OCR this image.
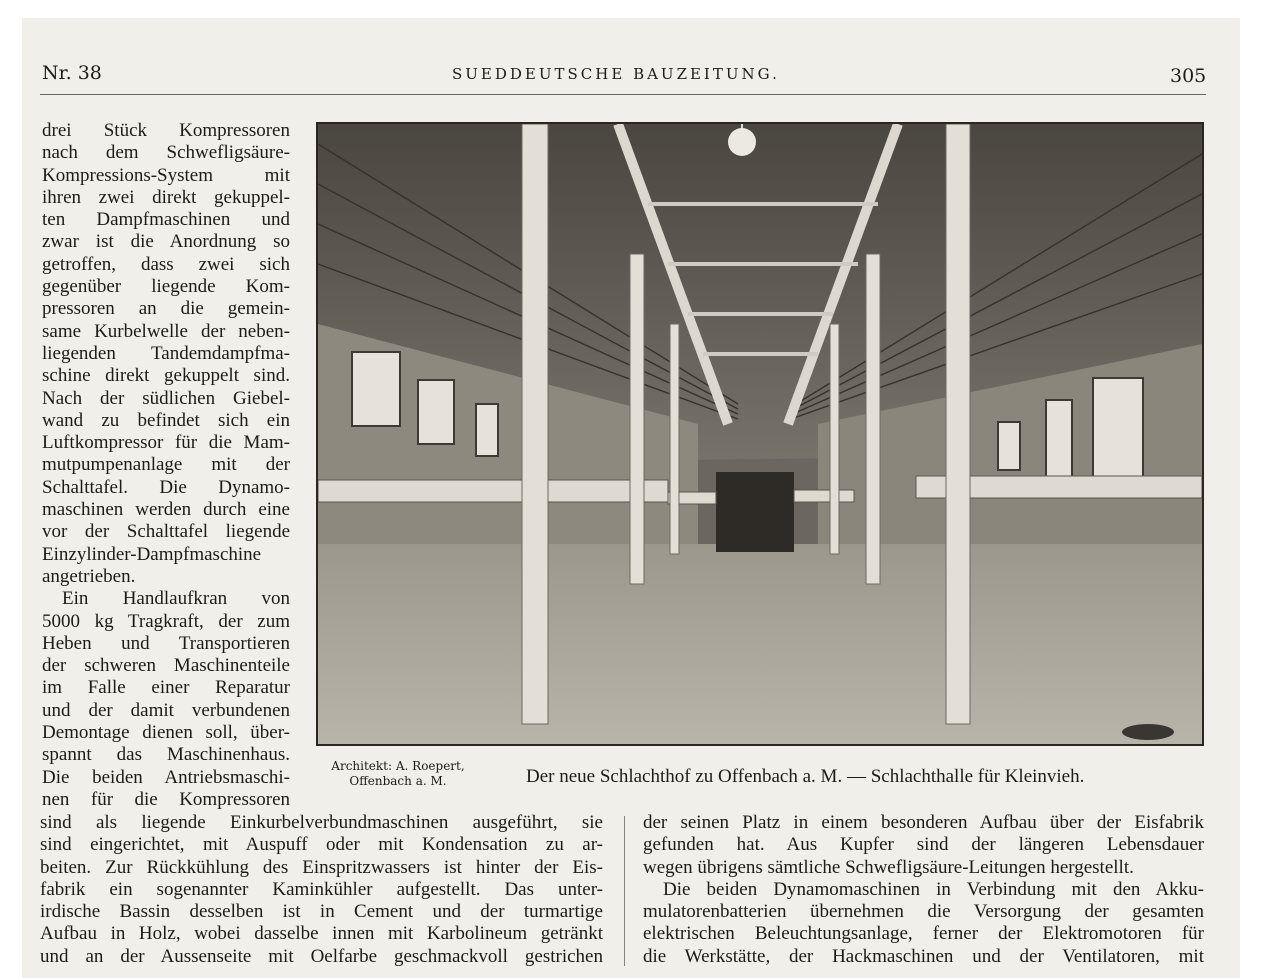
Nr. 38	SUEDDEUTSCHE BAUZEITUNG.	305
drei Stück Kompressoren
nach dem Schwefligsäure-
Kompressions-System mit
ihren zwei direkt gekuppel-
ten Dampfmaschinen und
zwar ist die Anordnung so
getroffen, dass zwei sich
gegenüber liegende Kom-
pressoren an die gemein-
same Kurbelwelle der neben-
liegenden Tandemdampfma-
schine direkt gekuppelt sind.
Nach der südlichen Giebel-
wand zu befindet sich ein
Luftkompressor für die Mam-
mutpumpenanlage mit der
Schalttafel. Die Dynamo-
maschinen werden durch eine
vor der Schalttafel liegende
Einzylinder-Dampfmaschine
angetrieben.
Ein Handlaufkran von
5000 kg Tragkraft, der zum
Heben und Transportieren
der schweren Maschinenteile
im Falle einer Reparatur
und der damit verbundenen
Demontage dienen soll, über-
spannt das Maschinenhaus.
Die beiden Antriebsmaschi-
nen für die Kompressoren
Architekt: A. Roepert,
Offenbach a. M.	Der neue Schlachthof zu Offenbach a. M. — Schlachthalle für Kleinvieh.
sind als liegende Einkurbelverbundmaschinen ausgeführt, sie
sind eingerichtet, mit Auspuff oder mit Kondensation zu ar-
beiten. Zur Rückkühlung des Einspritzwassers ist hinter der Eis-
fabrik ein sogenannter Kaminkühler aufgestellt. Das unter-
irdische Bassin desselben ist in Cement und der turmartige
Aufbau in Holz, wobei dasselbe innen mit Karbolineum getränkt
und an der Aussenseite mit Oelfarbe geschmackvoll gestrichen
der seinen Platz in einem besonderen Aufbau über der Eisfabrik
gefunden hat. Aus Kupfer sind der längeren Lebensdauer
wegen übrigens sämtliche Schwefligsäure-Leitungen hergestellt.
Die beiden Dynamomaschinen in Verbindung mit den Akku-
mulatorenbatterien übernehmen die Versorgung der gesamten
elektrischen Beleuchtungsanlage, ferner der Elektromotoren für
die Werkstätte, der Hackmaschinen und der Ventilatoren, mit
